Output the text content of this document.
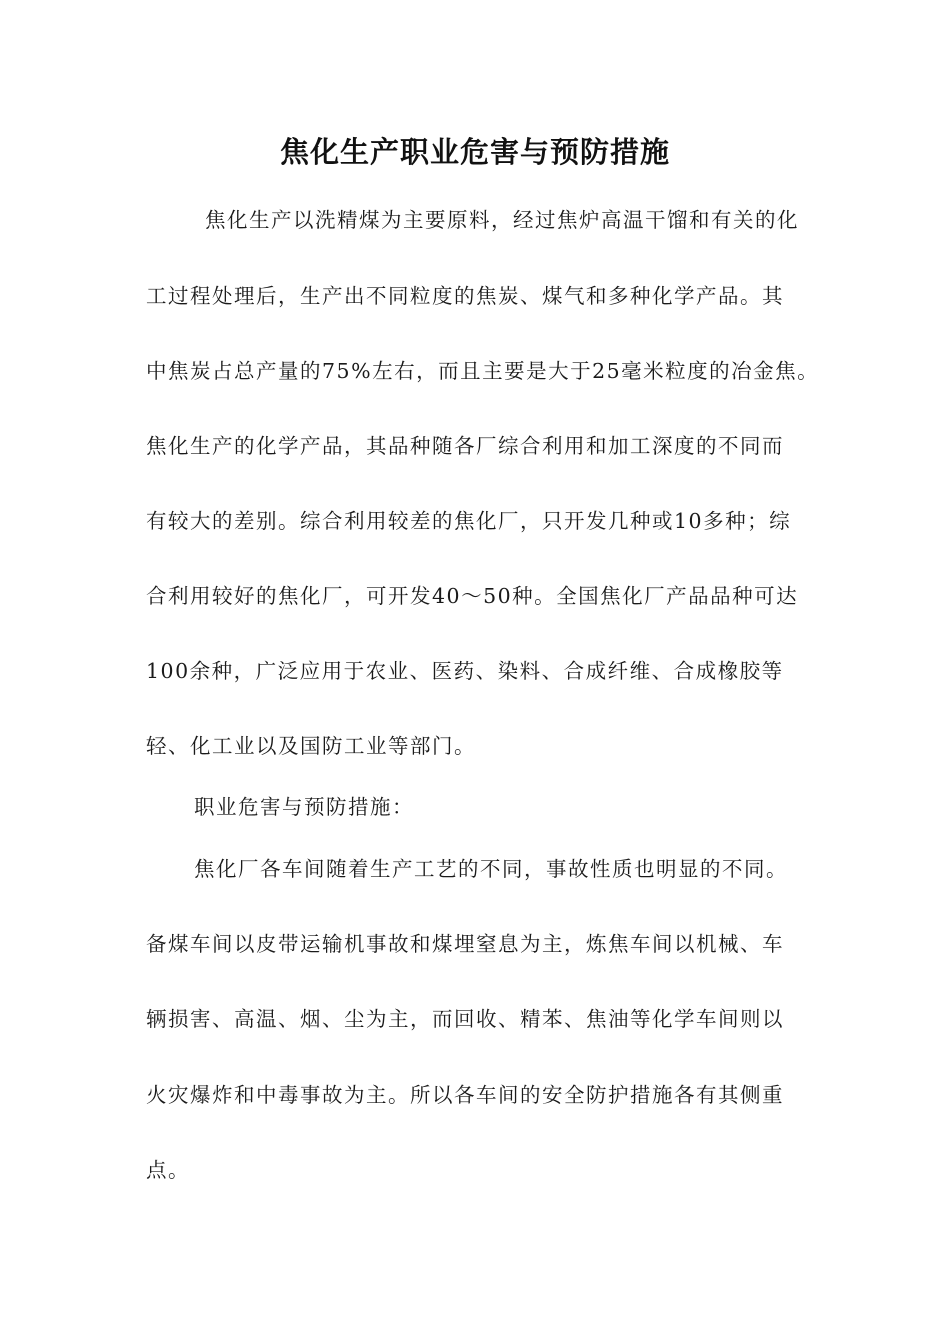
焦化生产职业危害与预防措施
焦化生产以洗精煤为主要原料，经过焦炉高温干馏和有关的化
工过程处理后，生产出不同粒度的焦炭、煤气和多种化学产品。其
中焦炭占总产量的75%左右，而且主要是大于25毫米粒度的冶金焦。
焦化生产的化学产品，其品种随各厂综合利用和加工深度的不同而
有较大的差别。综合利用较差的焦化厂，只开发几种或10多种；综
合利用较好的焦化厂，可开发40～50种。全国焦化厂产品品种可达
100余种，广泛应用于农业、医药、染料、合成纤维、合成橡胶等
轻、化工业以及国防工业等部门。
职业危害与预防措施：
焦化厂各车间随着生产工艺的不同，事故性质也明显的不同。
备煤车间以皮带运输机事故和煤埋窒息为主，炼焦车间以机械、车
辆损害、高温、烟、尘为主，而回收、精苯、焦油等化学车间则以
火灾爆炸和中毒事故为主。所以各车间的安全防护措施各有其侧重
点。
